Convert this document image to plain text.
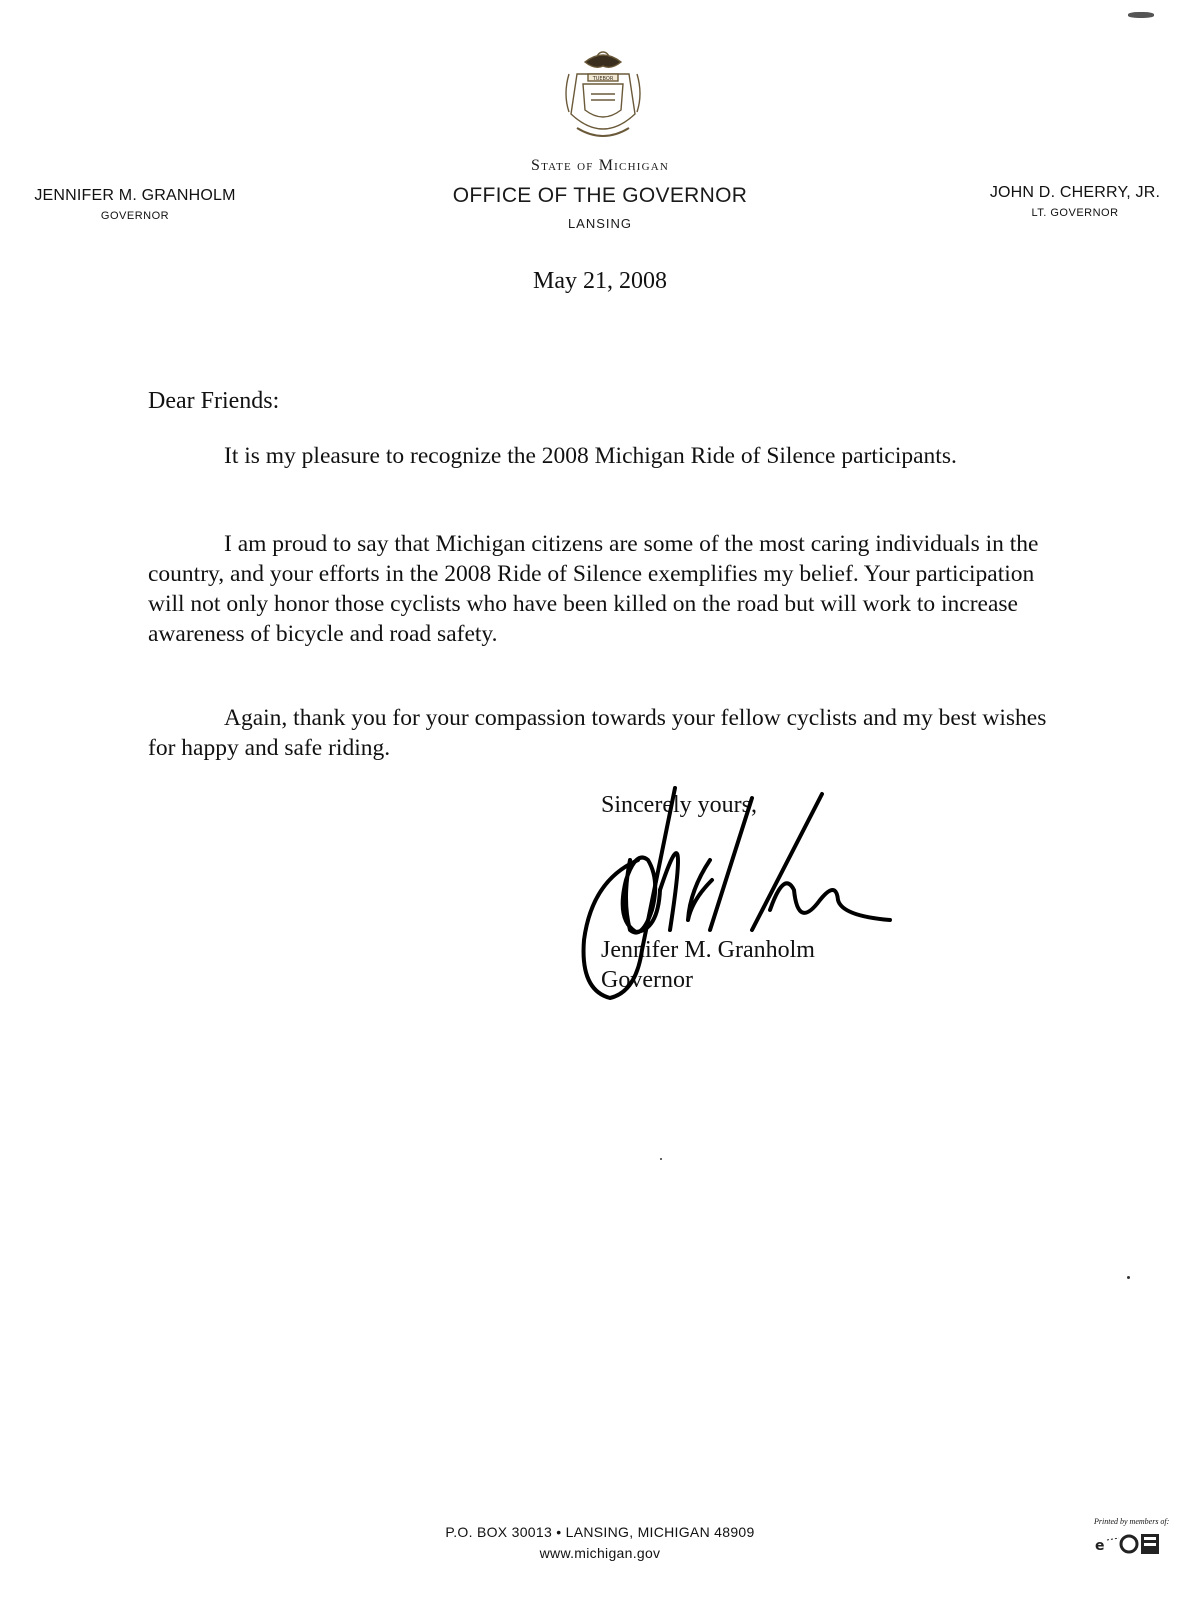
TUEBOR
State of Michigan
OFFICE OF THE GOVERNOR
LANSING
JENNIFER M. GRANHOLM
GOVERNOR
JOHN D. CHERRY, JR.
LT. GOVERNOR
May 21, 2008
Dear Friends:
It is my pleasure to recognize the 2008 Michigan Ride of Silence participants.
I am proud to say that Michigan citizens are some of the most caring individuals in the country, and your efforts in the 2008 Ride of Silence exemplifies my belief. Your participation will not only honor those cyclists who have been killed on the road but will work to increase awareness of bicycle and road safety.
Again, thank you for your compassion towards your fellow cyclists and my best wishes for happy and safe riding.
Sincerely yours,
Jennifer M. Granholm
Governor
P.O. BOX 30013 • LANSING, MICHIGAN 48909
www.michigan.gov
Printed by members of:
e
